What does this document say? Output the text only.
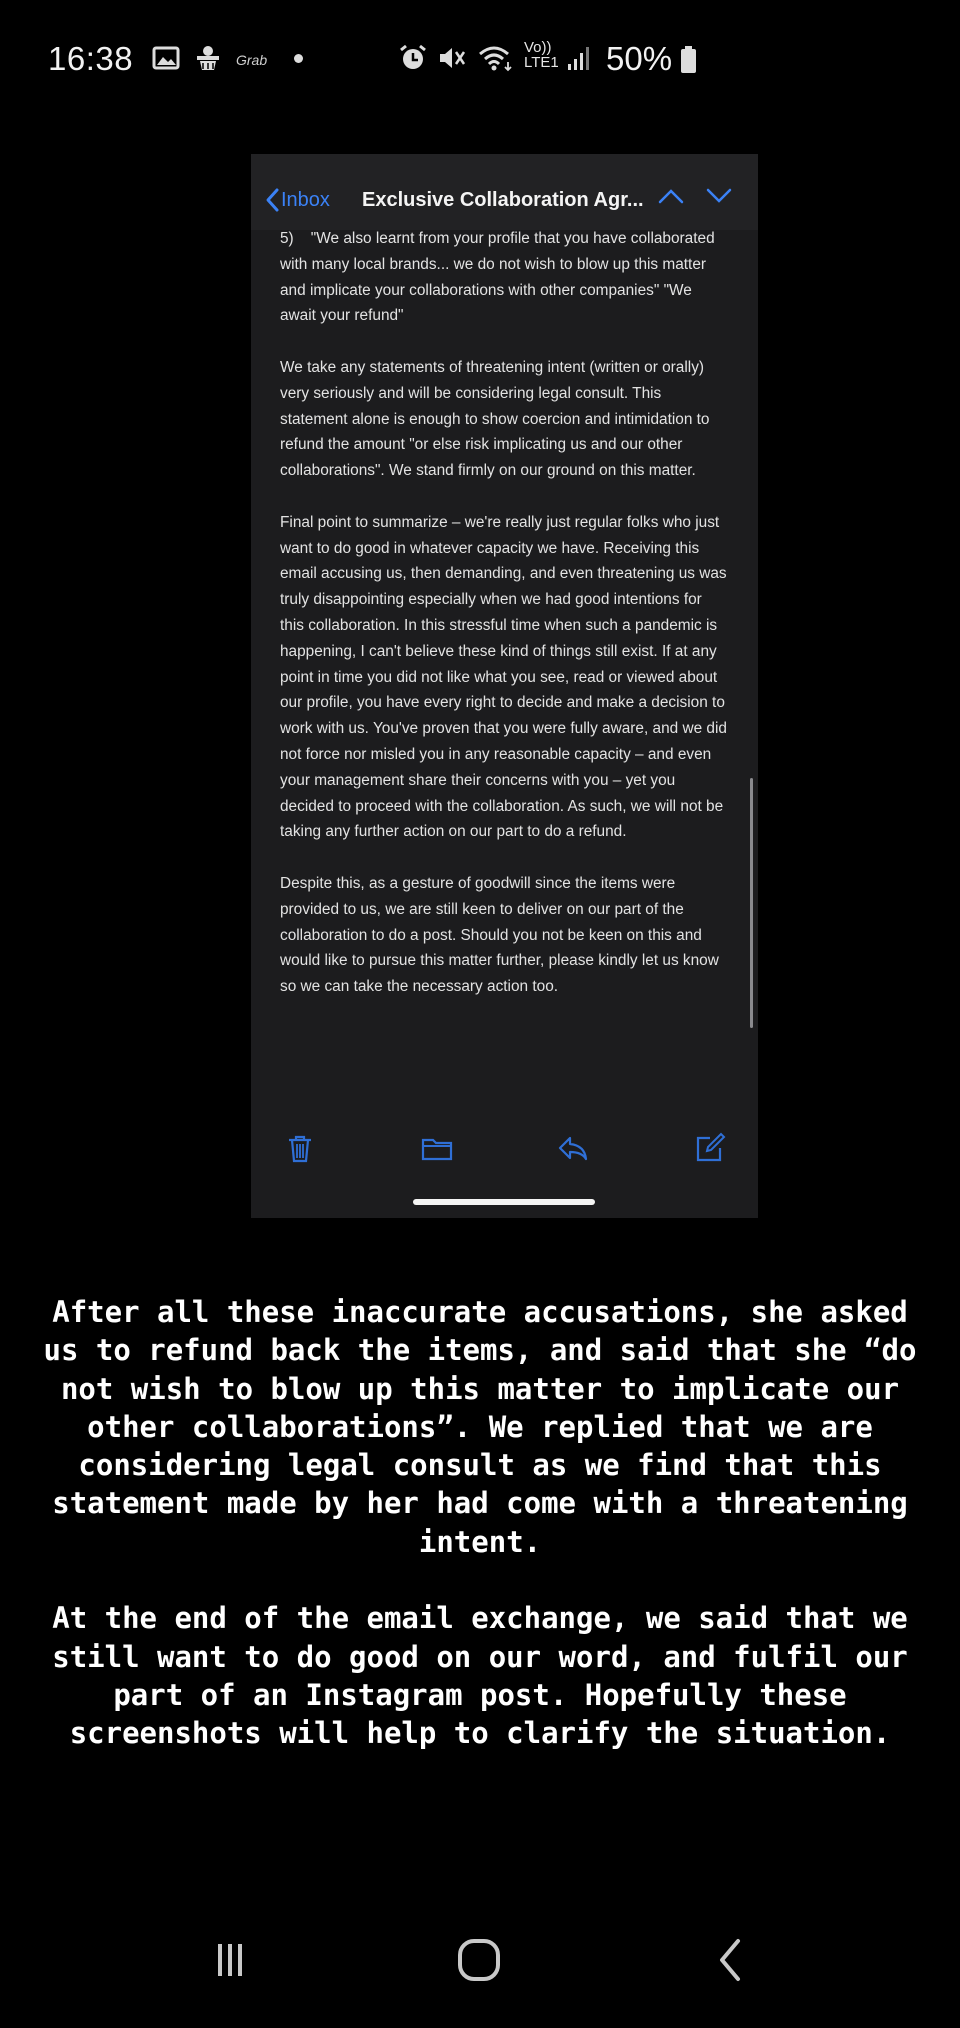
16:38	Grab
Vo))
LTE1 50%
Inbox Exclusive Collaboration Agr...

5)    "We also learnt from your profile that you have collaborated with many local brands... we do not wish to blow up this matter and implicate your collaborations with other companies" "We await your refund"

We take any statements of threatening intent (written or orally) very seriously and will be considering legal consult. This statement alone is enough to show coercion and intimidation to refund the amount "or else risk implicating us and our other collaborations". We stand firmly on our ground on this matter.

Final point to summarize – we're really just regular folks who just want to do good in whatever capacity we have. Receiving this email accusing us, then demanding, and even threatening us was truly disappointing especially when we had good intentions for this collaboration. In this stressful time when such a pandemic is happening, I can't believe these kind of things still exist. If at any point in time you did not like what you see, read or viewed about our profile, you have every right to decide and make a decision to work with us. You've proven that you were fully aware, and we did not force nor misled you in any reasonable capacity – and even your management share their concerns with you – yet you decided to proceed with the collaboration. As such, we will not be taking any further action on our part to do a refund.

Despite this, as a gesture of goodwill since the items were provided to us, we are still keen to deliver on our part of the collaboration to do a post. Should you not be keen on this and would like to pursue this matter further, please kindly let us know so we can take the necessary action too.

After all these inaccurate accusations, she asked us to refund back the items, and said that she “do not wish to blow up this matter to implicate our other collaborations”. We replied that we are considering legal consult as we find that this statement made by her had come with a threatening intent.

At the end of the email exchange, we said that we still want to do good on our word, and fulfil our part of an Instagram post. Hopefully these screenshots will help to clarify the situation.
